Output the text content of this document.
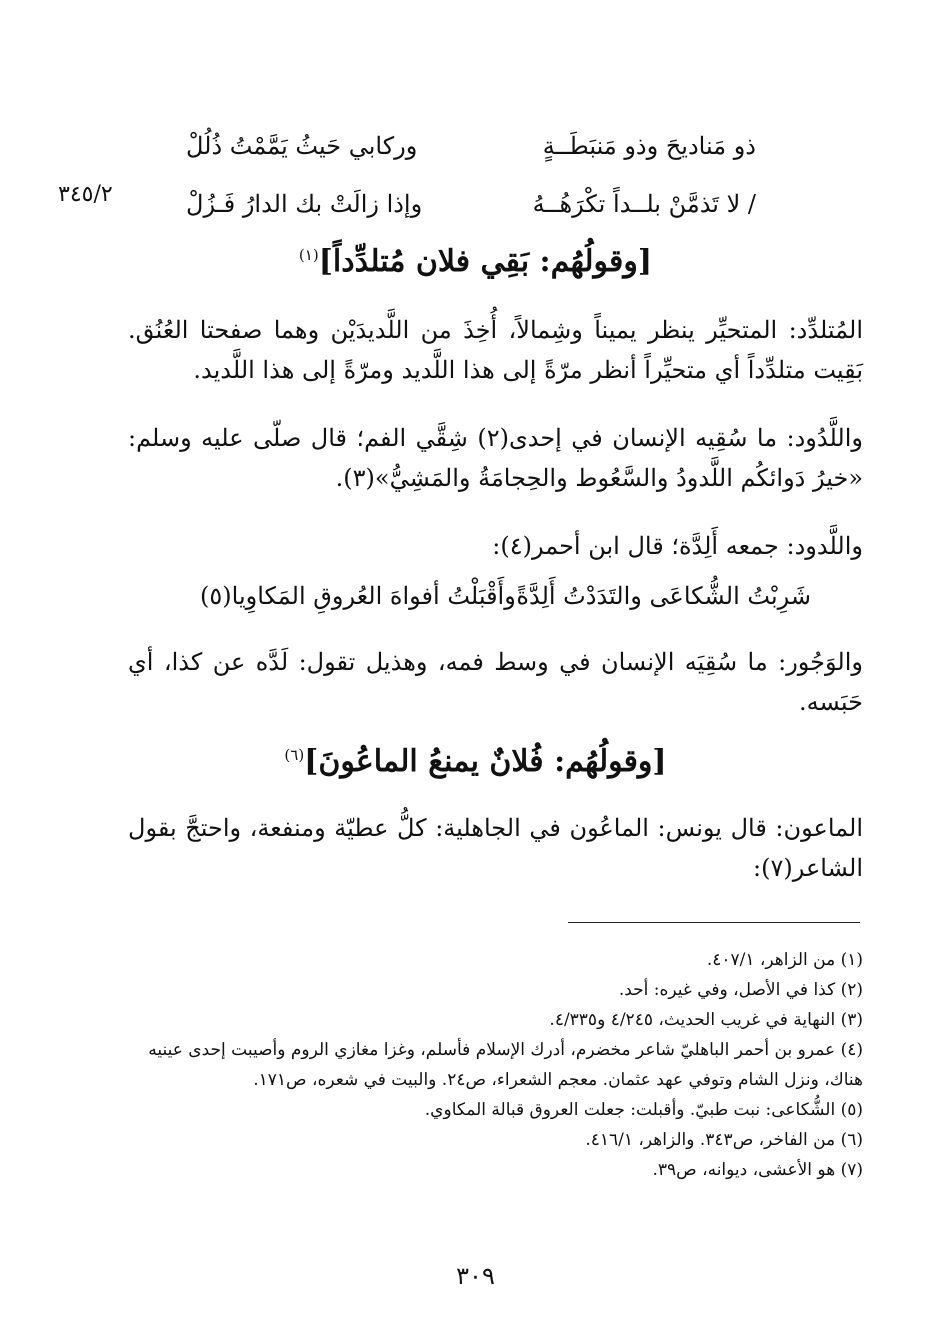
٣٤٥/٢
ذو مَناديحَ وذو مَنبَطَــةٍ
وركابي حَيثُ يَمَّمْتُ ذُلُلْ
/ لا تَذمَّنْ بلــداً تكْرَهُــهُ
وإذا زالَتْ بك الدارُ فَـزُلْ
[وقولُهُم: بَقِي فلان مُتلدِّداً]$^{(١)}$
المُتلدِّد: المتحيِّر ينظر يميناً وشِمالاً، أُخِذَ من اللَّديدَيْن وهما صفحتا العُنُق. بَقِيت متلدِّداً أي متحيِّراً أنظر مرّةً إلى هذا اللَّديد ومرّةً إلى هذا اللَّديد.
واللَّدُود: ما سُقِيه الإنسان في إحدى(٢) شِقَّي الفم؛ قال صلّى عليه وسلم: «خيرُ دَوائكُم اللَّدودُ والسَّعُوط والحِجامَةُ والمَشِيُّ»(٣).
واللَّدود: جمعه أَلِدَّة؛ قال ابن أحمر(٤):
شَرِبْتُ الشُّكاعَى والتَدَدْتُ أَلِدَّةً
وأَقْبَلْتُ أفواهَ العُروقِ المَكاوِيا(٥)
والوَجُور: ما سُقِيَه الإنسان في وسط فمه، وهذيل تقول: لَدَّه عن كذا، أي حَبَسه.
[وقولُهُم: فُلانٌ يمنعُ الماعُونَ]$^{(٦)}$
الماعون: قال يونس: الماعُون في الجاهلية: كلُّ عطيّة ومنفعة، واحتجَّ بقول الشاعر(٧):
(١) من الزاهر، ٤٠٧/١.
(٢) كذا في الأصل، وفي غيره: أحد.
(٣) النهاية في غريب الحديث، ٤/٢٤٥ و٤/٣٣٥.
(٤) عمرو بن أحمر الباهليّ شاعر مخضرم، أدرك الإسلام فأسلم، وغزا مغازي الروم وأصيبت إحدى عينيه هناك، ونزل الشام وتوفي عهد عثمان. معجم الشعراء، ص٢٤. والبيت في شعره، ص١٧١.
(٥) الشُّكاعى: نبت طبيّ. وأقبلت: جعلت العروق قبالة المكاوي.
(٦) من الفاخر، ص٣٤٣. والزاهر، ٤١٦/١.
(٧) هو الأعشى، ديوانه، ص٣٩.
٣٠٩
